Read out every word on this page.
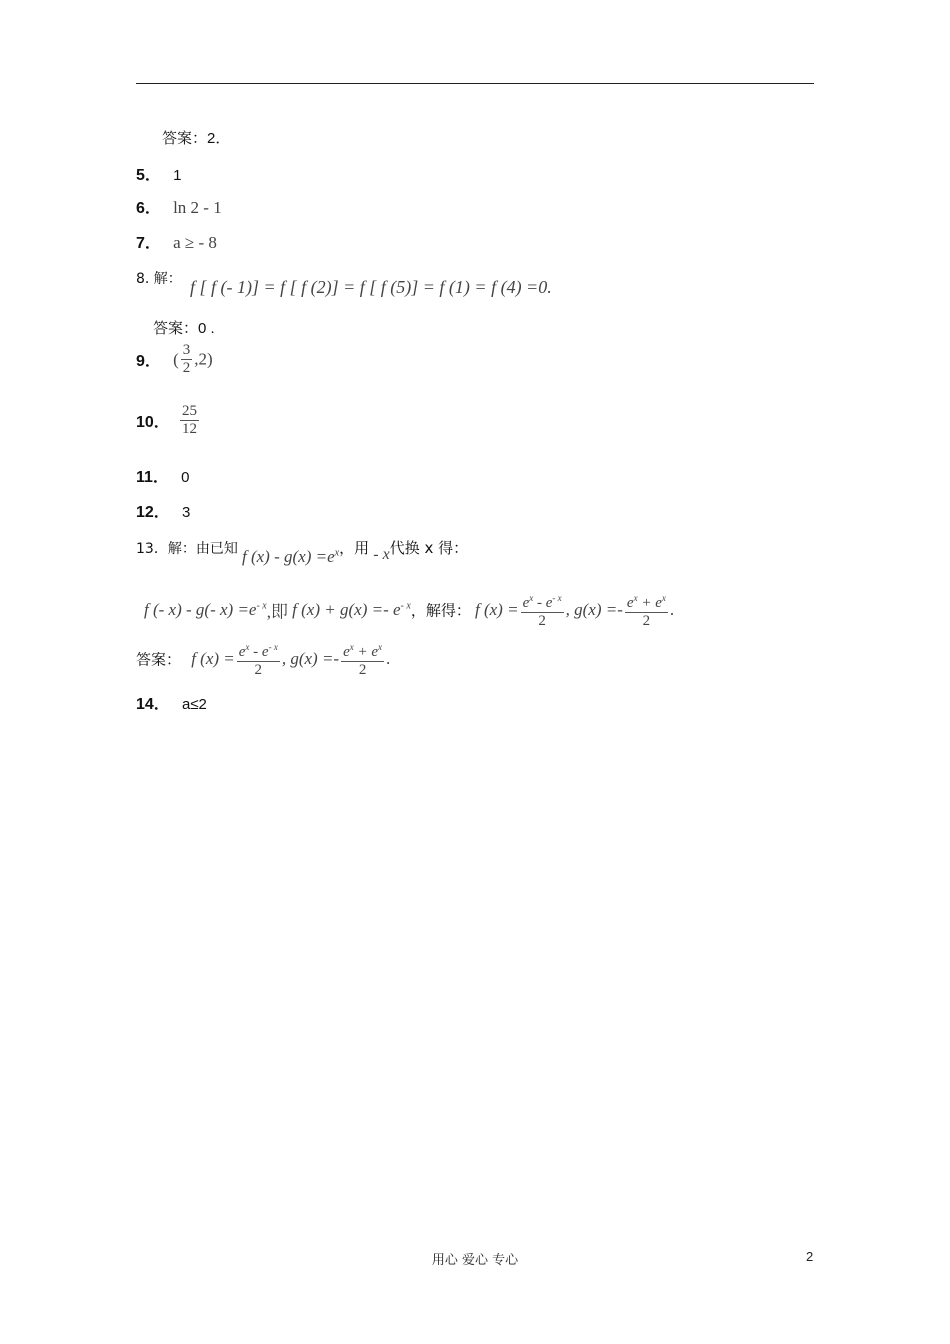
答案：2．
5． 1
6． ln 2 - 1
7． a ≥ - 8
8. 解： f [ f (- 1)] = f [ f (2)] = f [ f (5)] = f (1) = f (4) =0.
答案：0 .
9． ( $\frac{3}{2} ,2$)
10． $\frac{25}{12}$
11． 0
12． 3
13．解：由已知 f $(x) - g(x) =e^x$，用 - x代换 x 得：
f (- x) - g(- $x) =e^{- x}$,即 f $(x) + g(x) =- e^{- x}$，解得： f $(x) = \frac{e^x - e^{- x}}{2}$ , $g(x) =- \frac{e^x + e^x}{2}$ .
答案： f $(x) = \frac{e^x - e^{- x}}{2}$ , $g(x) =- \frac{e^x + e^x}{2}$ .
14． a≤2
用心 爱心 专心	2
